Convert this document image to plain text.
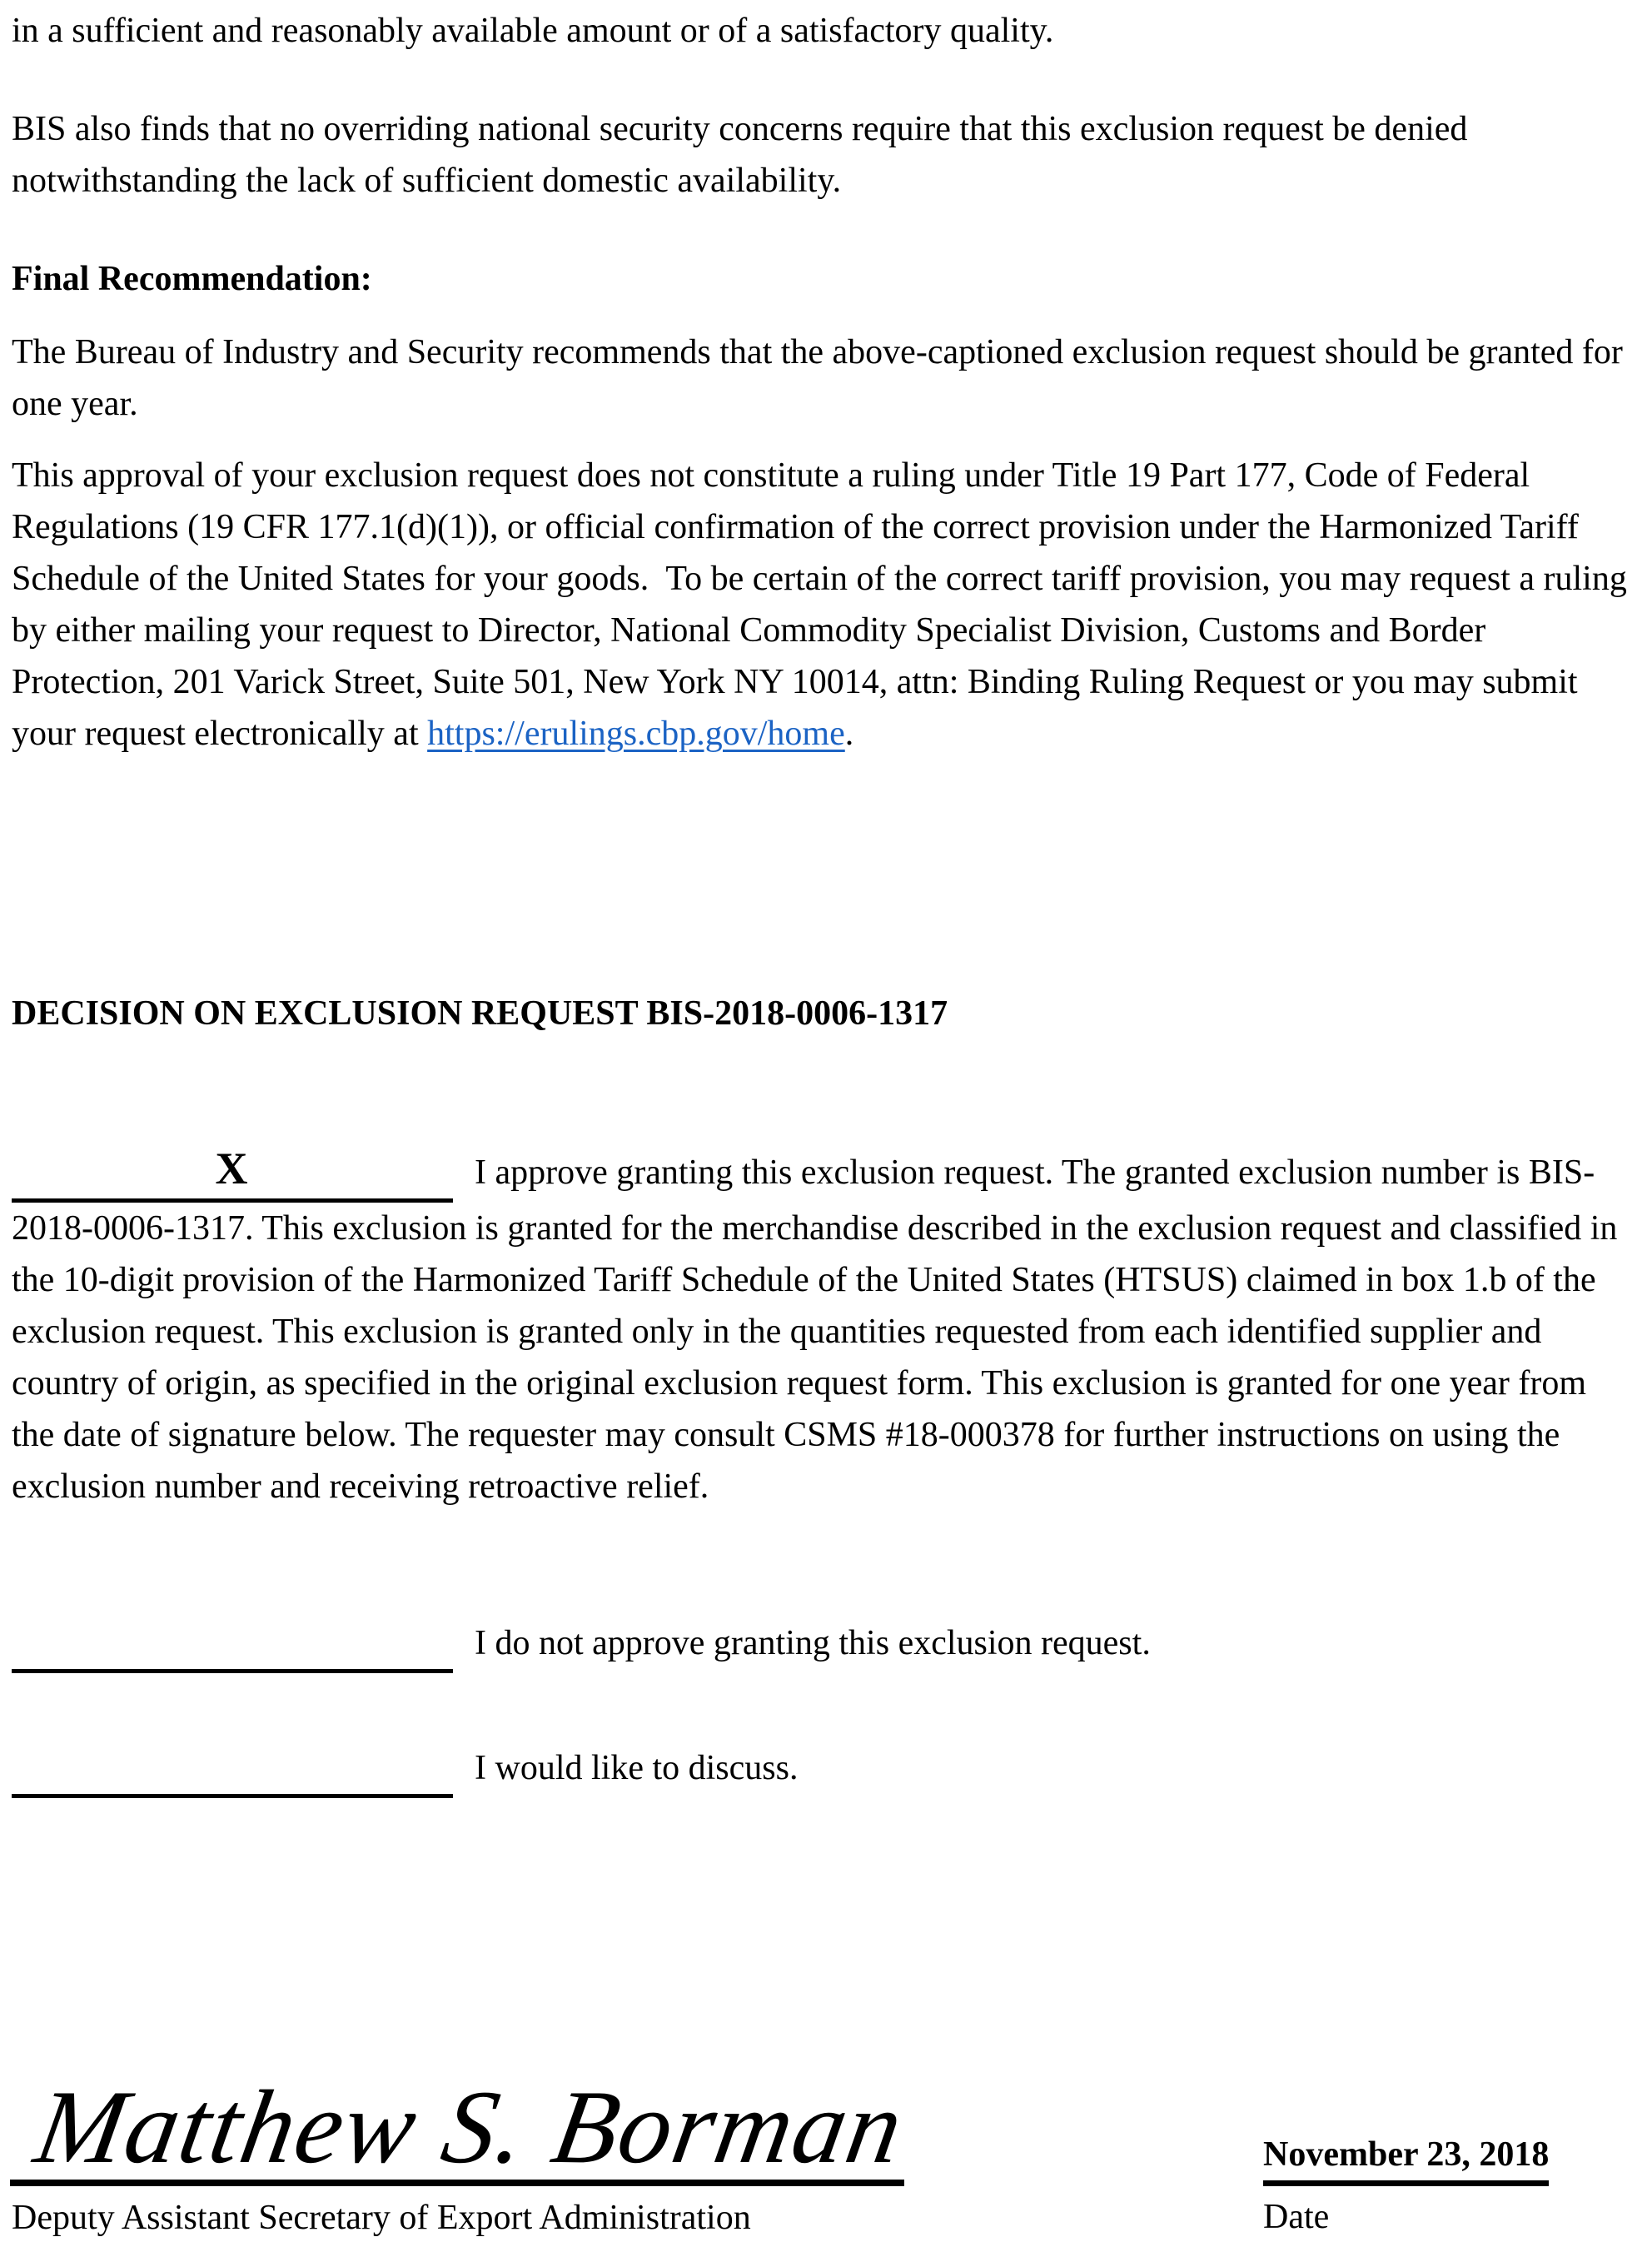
in a sufficient and reasonably available amount or of a satisfactory quality.

BIS also finds that no overriding national security concerns require that this exclusion request be denied notwithstanding the lack of sufficient domestic availability.

Final Recommendation:

The Bureau of Industry and Security recommends that the above-captioned exclusion request should be granted for one year.

This approval of your exclusion request does not constitute a ruling under Title 19 Part 177, Code of Federal Regulations (19 CFR 177.1(d)(1)), or official confirmation of the correct provision under the Harmonized Tariff Schedule of the United States for your goods.  To be certain of the correct tariff provision, you may request a ruling by either mailing your request to Director, National Commodity Specialist Division, Customs and Border Protection, 201 Varick Street, Suite 501, New York NY 10014, attn: Binding Ruling Request or you may submit your request electronically at https://erulings.cbp.gov/home.

DECISION ON EXCLUSION REQUEST BIS-2018-0006-1317

X	I approve granting this exclusion request. The granted exclusion number is BIS-2018-0006-1317. This exclusion is granted for the merchandise described in the exclusion request and classified in the 10-digit provision of the Harmonized Tariff Schedule of the United States (HTSUS) claimed in box 1.b of the exclusion request. This exclusion is granted only in the quantities requested from each identified supplier and country of origin, as specified in the original exclusion request form. This exclusion is granted for one year from the date of signature below. The requester may consult CSMS #18-000378 for further instructions on using the exclusion number and receiving retroactive relief.

I do not approve granting this exclusion request.

I would like to discuss.

Matthew S. Borman
Deputy Assistant Secretary of Export Administration
November 23, 2018
Date
